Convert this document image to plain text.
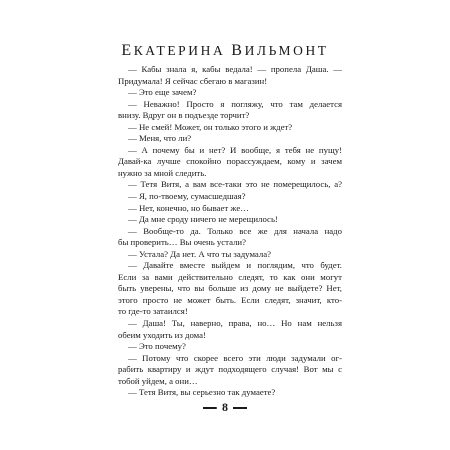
ЕКАТЕРИНА ВИЛЬМОНТ
— Кабы знала я, кабы ведала! — пропела Даша. —
Придумала! Я сейчас сбегаю в магазин!
— Это еще зачем?
— Неважно! Просто я погляжу, что там делается
внизу. Вдруг он в подъезде торчит?
— Не смей! Может, он только этого и ждет?
— Меня, что ли?
— А почему бы и нет? И вообще, я тебя не пущу!
Давай-ка лучше спокойно порассуждаем, кому и зачем
нужно за мной следить.
— Тетя Витя, а вам все-таки это не померещилось, а?
— Я, по-твоему, сумасшедшая?
— Нет, конечно, но бывает же…
— Да мне сроду ничего не мерещилось!
— Вообще-то да. Только все же для начала надо
бы проверить… Вы очень устали?
— Устала? Да нет. А что ты задумала?
— Давайте вместе выйдем и поглядим, что будет.
Если за вами действительно следят, то как они могут
быть уверены, что вы больше из дому не выйдете? Нет,
этого просто не может быть. Если следят, значит, кто-
то где-то затаился!
— Даша! Ты, наверно, права, но… Но нам нельзя
обеим уходить из дома!
— Это почему?
— Потому что скорее всего эти люди задумали ог-
рабить квартиру и ждут подходящего случая! Вот мы с
тобой уйдем, а они…
— Тетя Витя, вы серьезно так думаете?
8
